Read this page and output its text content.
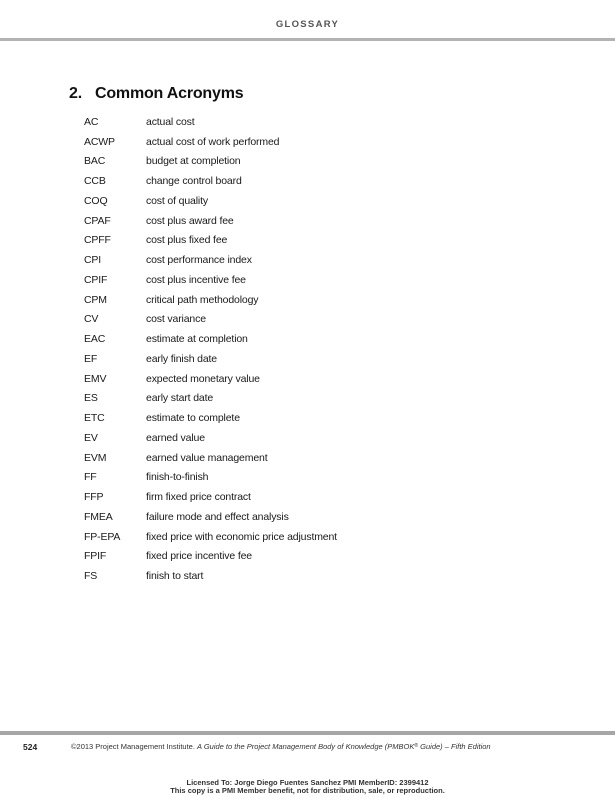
GLOSSARY
2. Common Acronyms
AC	actual cost
ACWP	actual cost of work performed
BAC	budget at completion
CCB	change control board
COQ	cost of quality
CPAF	cost plus award fee
CPFF	cost plus fixed fee
CPI	cost performance index
CPIF	cost plus incentive fee
CPM	critical path methodology
CV	cost variance
EAC	estimate at completion
EF	early finish date
EMV	expected monetary value
ES	early start date
ETC	estimate to complete
EV	earned value
EVM	earned value management
FF	finish-to-finish
FFP	firm fixed price contract
FMEA	failure mode and effect analysis
FP-EPA	fixed price with economic price adjustment
FPIF	fixed price incentive fee
FS	finish to start
524	©2013 Project Management Institute. A Guide to the Project Management Body of Knowledge (PMBOK® Guide) – Fifth Edition
Licensed To: Jorge Diego Fuentes Sanchez PMI MemberID: 2399412
This copy is a PMI Member benefit, not for distribution, sale, or reproduction.
